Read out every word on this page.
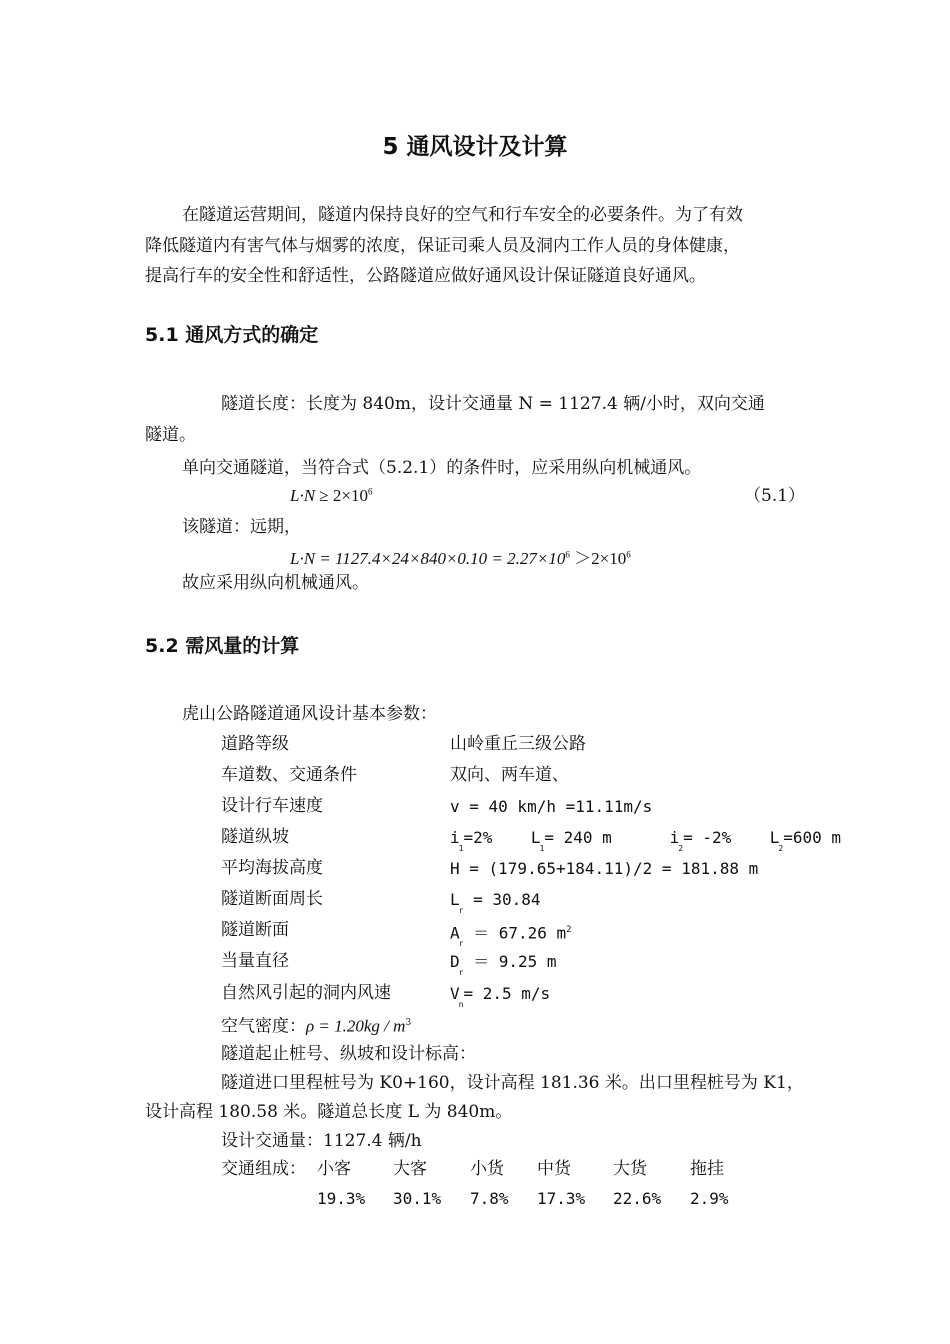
5 通风设计及计算
在隧道运营期间，隧道内保持良好的空气和行车安全的必要条件。为了有效
降低隧道内有害气体与烟雾的浓度，保证司乘人员及洞内工作人员的身体健康，
提高行车的安全性和舒适性，公路隧道应做好通风设计保证隧道良好通风。
5.1 通风方式的确定
隧道长度：长度为 840m，设计交通量 N = 1127.4 辆/小时，双向交通
隧道。
单向交通隧道，当符合式（5.2.1）的条件时，应采用纵向机械通风。
$L\cdot N \ge 2\times 10^6$	（5.1）
该隧道：远期，
$L\cdot N = 1127.4\times 24\times 840\times 0.10 = 2.27\times 10^6 >2\times 10^6$
故应采用纵向机械通风。
5.2 需风量的计算
虎山公路隧道通风设计基本参数：
道路等级	山岭重丘三级公路
车道数、交通条件	双向、两车道、
设计行车速度	v = 40 km/h =11.11m/s
隧道纵坡	$i_1=2\%$ $L_1= 240$ m	$i_2= -2\%$ $L_2=600$ m
平均海拔高度	H = (179.65+184.11)/2 = 181.88 m
隧道断面周长	$L_r = 30.84$
隧道断面	$A_r = 67.26$ $m^2$
当量直径	$D_r = 9.25$ m
自然风引起的洞内风速	$V_n= 2.5$ m/s
空气密度：$\rho = 1.20kg / m^3$
隧道起止桩号、纵坡和设计标高：
隧道进口里程桩号为 K0+160，设计高程 181.36 米。出口里程桩号为 K1，
设计高程 180.58 米。隧道总长度 L 为 840m。
设计交通量：1127.4 辆/h
交通组成： 小客 大客	小货 中货 大货	拖挂
19.3% 30.1% 7.8% 17.3% 22.6% 2.9%
